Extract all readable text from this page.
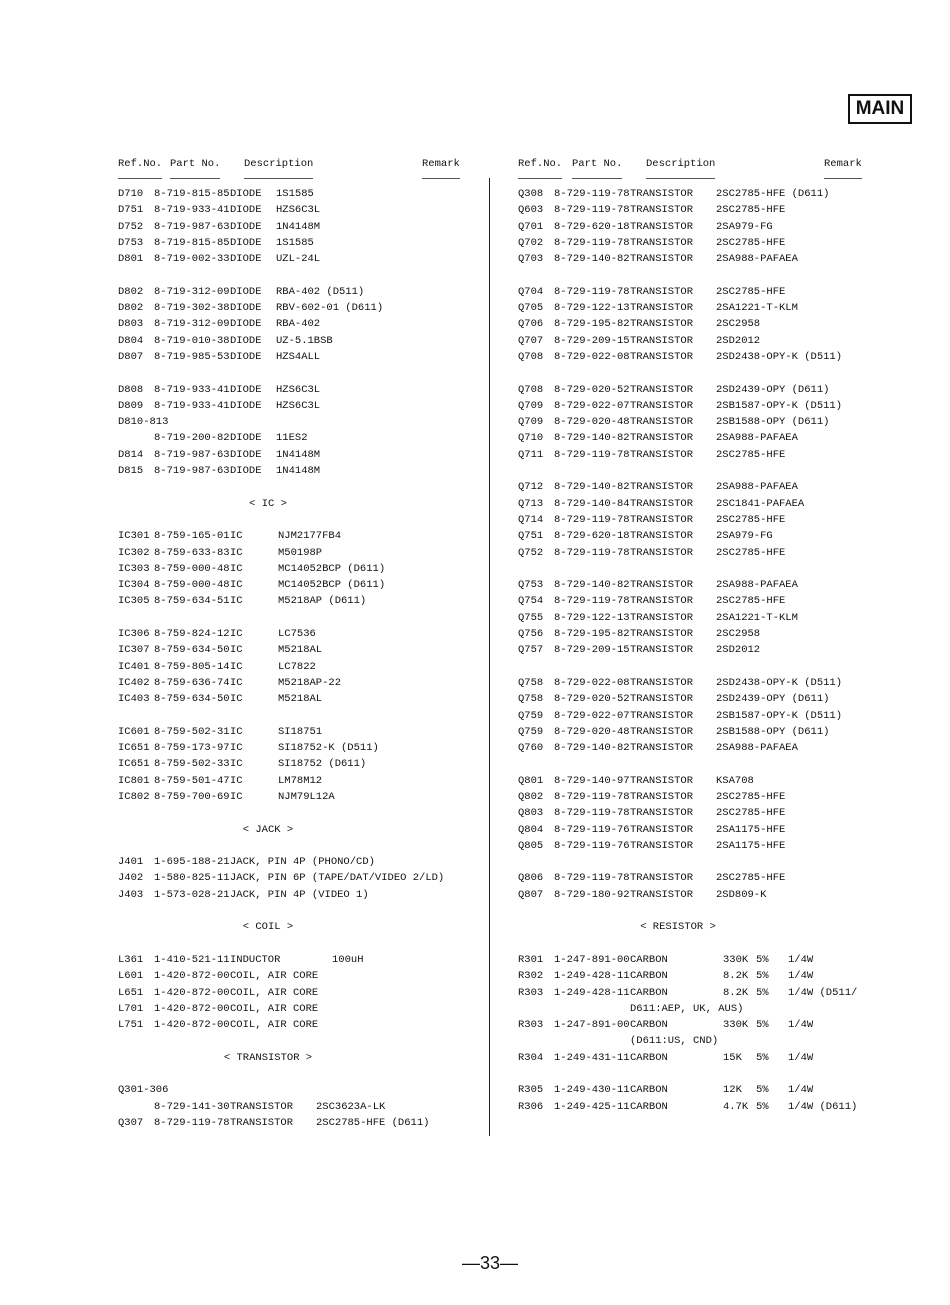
MAIN
Ref.No. Part No. Description	Remark
D710 8-719-815-85 DIODE 1S1585
D751 8-719-933-41 DIODE HZS6C3L
D752 8-719-987-63 DIODE 1N4148M
D753 8-719-815-85 DIODE 1S1585
D801 8-719-002-33 DIODE UZL-24L
D802 8-719-312-09 DIODE RBA-402 (D511)
D802 8-719-302-38 DIODE RBV-602-01 (D611)
D803 8-719-312-09 DIODE RBA-402
D804 8-719-010-38 DIODE UZ-5.1BSB
D807 8-719-985-53 DIODE HZS4ALL
D808 8-719-933-41 DIODE HZS6C3L
D809 8-719-933-41 DIODE HZS6C3L
D810-813
8-719-200-82 DIODE 11ES2
D814 8-719-987-63 DIODE 1N4148M
D815 8-719-987-63 DIODE 1N4148M
< IC >
IC301 8-759-165-01 IC	NJM2177FB4
IC302 8-759-633-83 IC	M50198P
IC303 8-759-000-48 IC	MC14052BCP (D611)
IC304 8-759-000-48 IC	MC14052BCP (D611)
IC305 8-759-634-51 IC	M5218AP (D611)
IC306 8-759-824-12 IC	LC7536
IC307 8-759-634-50 IC	M5218AL
IC401 8-759-805-14 IC	LC7822
IC402 8-759-636-74 IC	M5218AP-22
IC403 8-759-634-50 IC	M5218AL
IC601 8-759-502-31 IC	SI18751
IC651 8-759-173-97 IC	SI18752-K (D511)
IC651 8-759-502-33 IC	SI18752 (D611)
IC801 8-759-501-47 IC	LM78M12
IC802 8-759-700-69 IC	NJM79L12A
< JACK >
J401 1-695-188-21 JACK, PIN 4P (PHONO/CD)
J402 1-580-825-11 JACK, PIN 6P (TAPE/DAT/VIDEO 2/LD)
J403 1-573-028-21 JACK, PIN 4P (VIDEO 1)
< COIL >
L361 1-410-521-11 INDUCTOR	100uH
L601 1-420-872-00 COIL, AIR CORE
L651 1-420-872-00 COIL, AIR CORE
L701 1-420-872-00 COIL, AIR CORE
L751 1-420-872-00 COIL, AIR CORE
< TRANSISTOR >
Q301-306
8-729-141-30 TRANSISTOR 2SC3623A-LK
Q307 8-729-119-78 TRANSISTOR 2SC2785-HFE (D611)
Ref.No. Part No. Description	Remark
Q308 8-729-119-78 TRANSISTOR 2SC2785-HFE (D611)
Q603 8-729-119-78 TRANSISTOR 2SC2785-HFE
Q701 8-729-620-18 TRANSISTOR 2SA979-FG
Q702 8-729-119-78 TRANSISTOR 2SC2785-HFE
Q703 8-729-140-82 TRANSISTOR 2SA988-PAFAEA
Q704 8-729-119-78 TRANSISTOR 2SC2785-HFE
Q705 8-729-122-13 TRANSISTOR 2SA1221-T-KLM
Q706 8-729-195-82 TRANSISTOR 2SC2958
Q707 8-729-209-15 TRANSISTOR 2SD2012
Q708 8-729-022-08 TRANSISTOR 2SD2438-OPY-K (D511)
Q708 8-729-020-52 TRANSISTOR 2SD2439-OPY (D611)
Q709 8-729-022-07 TRANSISTOR 2SB1587-OPY-K (D511)
Q709 8-729-020-48 TRANSISTOR 2SB1588-OPY (D611)
Q710 8-729-140-82 TRANSISTOR 2SA988-PAFAEA
Q711 8-729-119-78 TRANSISTOR 2SC2785-HFE
Q712 8-729-140-82 TRANSISTOR 2SA988-PAFAEA
Q713 8-729-140-84 TRANSISTOR 2SC1841-PAFAEA
Q714 8-729-119-78 TRANSISTOR 2SC2785-HFE
Q751 8-729-620-18 TRANSISTOR 2SA979-FG
Q752 8-729-119-78 TRANSISTOR 2SC2785-HFE
Q753 8-729-140-82 TRANSISTOR 2SA988-PAFAEA
Q754 8-729-119-78 TRANSISTOR 2SC2785-HFE
Q755 8-729-122-13 TRANSISTOR 2SA1221-T-KLM
Q756 8-729-195-82 TRANSISTOR 2SC2958
Q757 8-729-209-15 TRANSISTOR 2SD2012
Q758 8-729-022-08 TRANSISTOR 2SD2438-OPY-K (D511)
Q758 8-729-020-52 TRANSISTOR 2SD2439-OPY (D611)
Q759 8-729-022-07 TRANSISTOR 2SB1587-OPY-K (D511)
Q759 8-729-020-48 TRANSISTOR 2SB1588-OPY (D611)
Q760 8-729-140-82 TRANSISTOR 2SA988-PAFAEA
Q801 8-729-140-97 TRANSISTOR KSA708
Q802 8-729-119-78 TRANSISTOR 2SC2785-HFE
Q803 8-729-119-78 TRANSISTOR 2SC2785-HFE
Q804 8-729-119-76 TRANSISTOR 2SA1175-HFE
Q805 8-729-119-76 TRANSISTOR 2SA1175-HFE
Q806 8-729-119-78 TRANSISTOR 2SC2785-HFE
Q807 8-729-180-92 TRANSISTOR 2SD809-K
< RESISTOR >
R301 1-247-891-00 CARBON	330K 5% 1/4W
R302 1-249-428-11 CARBON	8.2K 5% 1/4W
R303 1-249-428-11 CARBON	8.2K 5% 1/4W (D511/
D611:AEP, UK, AUS)
R303 1-247-891-00 CARBON	330K 5% 1/4W
(D611:US, CND)
R304 1-249-431-11 CARBON	15K 5% 1/4W
R305 1-249-430-11 CARBON	12K 5% 1/4W
R306 1-249-425-11 CARBON	4.7K 5% 1/4W (D611)
—33—
